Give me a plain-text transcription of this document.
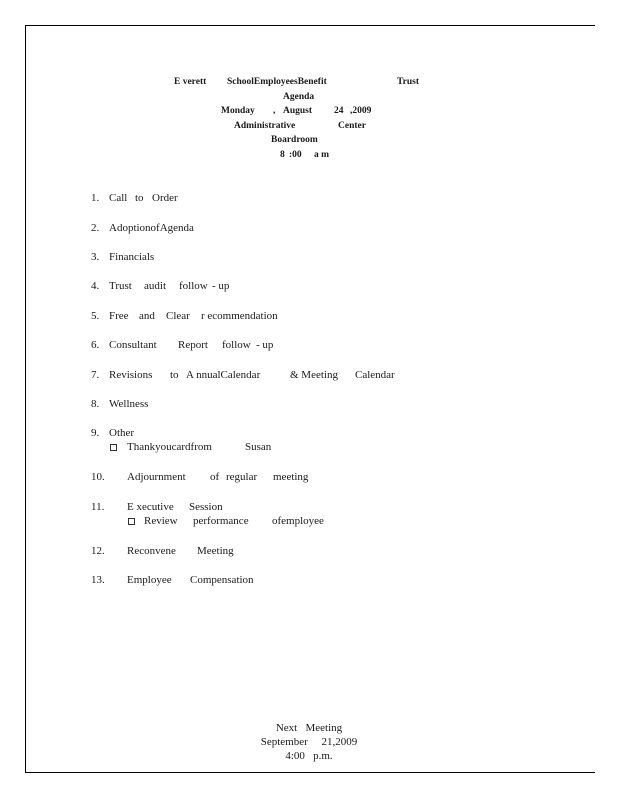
E verett SchoolEmployeesBenefit	Trust
Agenda
Monday , August 24 ,2009
Administrative	Center
Boardroom
8 :00 a m
1. Call to Order
2. AdoptionofAgenda
3. Financials
4. Trust audit follow - up
5. Free and Clear r ecommendation
6. Consultant Report follow - up
7. Revisions to A nnualCalendar	& Meeting Calendar
8. Wellness
9. Other
Thankyoucardfrom	Susan
10. Adjournment of regular meeting
11. E xecutive Session
Review performance ofemployee
12. Reconvene Meeting
13. Employee Compensation
Next   Meeting
September     21,2009
4:00   p.m.
